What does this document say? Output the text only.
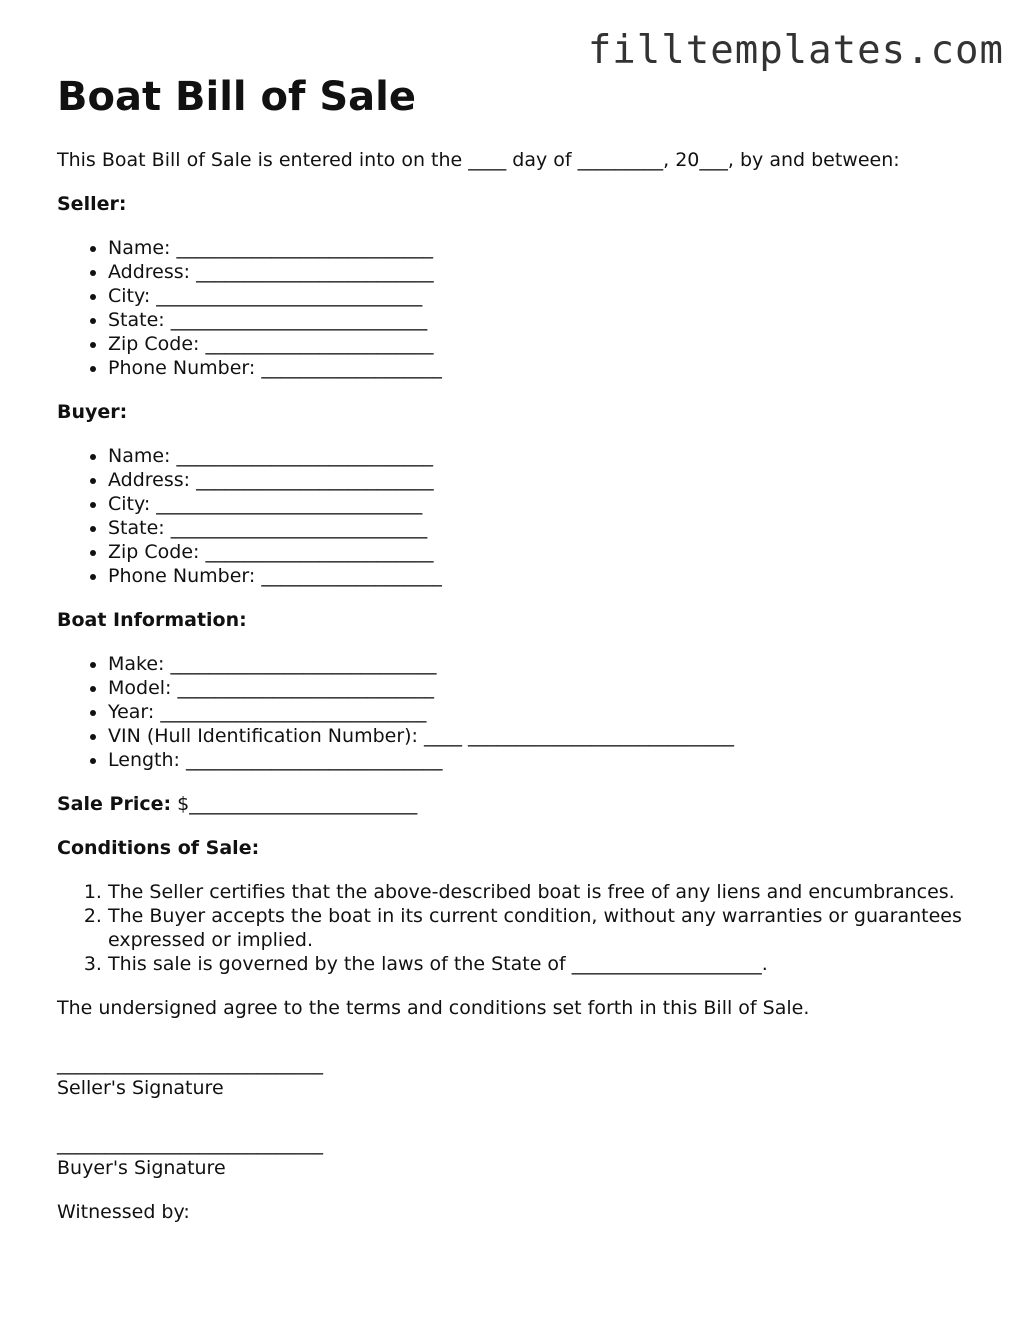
filltemplates.com
Boat Bill of Sale

This Boat Bill of Sale is entered into on the ____ day of _________, 20___, by and between:

Seller:

• Name: ___________________________
• Address: _________________________
• City: ____________________________
• State: ___________________________
• Zip Code: ________________________
• Phone Number: ___________________

Buyer:

• Name: ___________________________
• Address: _________________________
• City: ____________________________
• State: ___________________________
• Zip Code: ________________________
• Phone Number: ___________________

Boat Information:

• Make: ____________________________
• Model: ___________________________
• Year: ____________________________
• VIN (Hull Identification Number): ____ ____________________________
• Length: ___________________________

Sale Price: $________________________

Conditions of Sale:

1. The Seller certifies that the above-described boat is free of any liens and encumbrances.
2. The Buyer accepts the boat in its current condition, without any warranties or guarantees expressed or implied.
3. This sale is governed by the laws of the State of ____________________.

The undersigned agree to the terms and conditions set forth in this Bill of Sale.

____________________________
Seller's Signature
____________________________
Buyer's Signature

Witnessed by:
